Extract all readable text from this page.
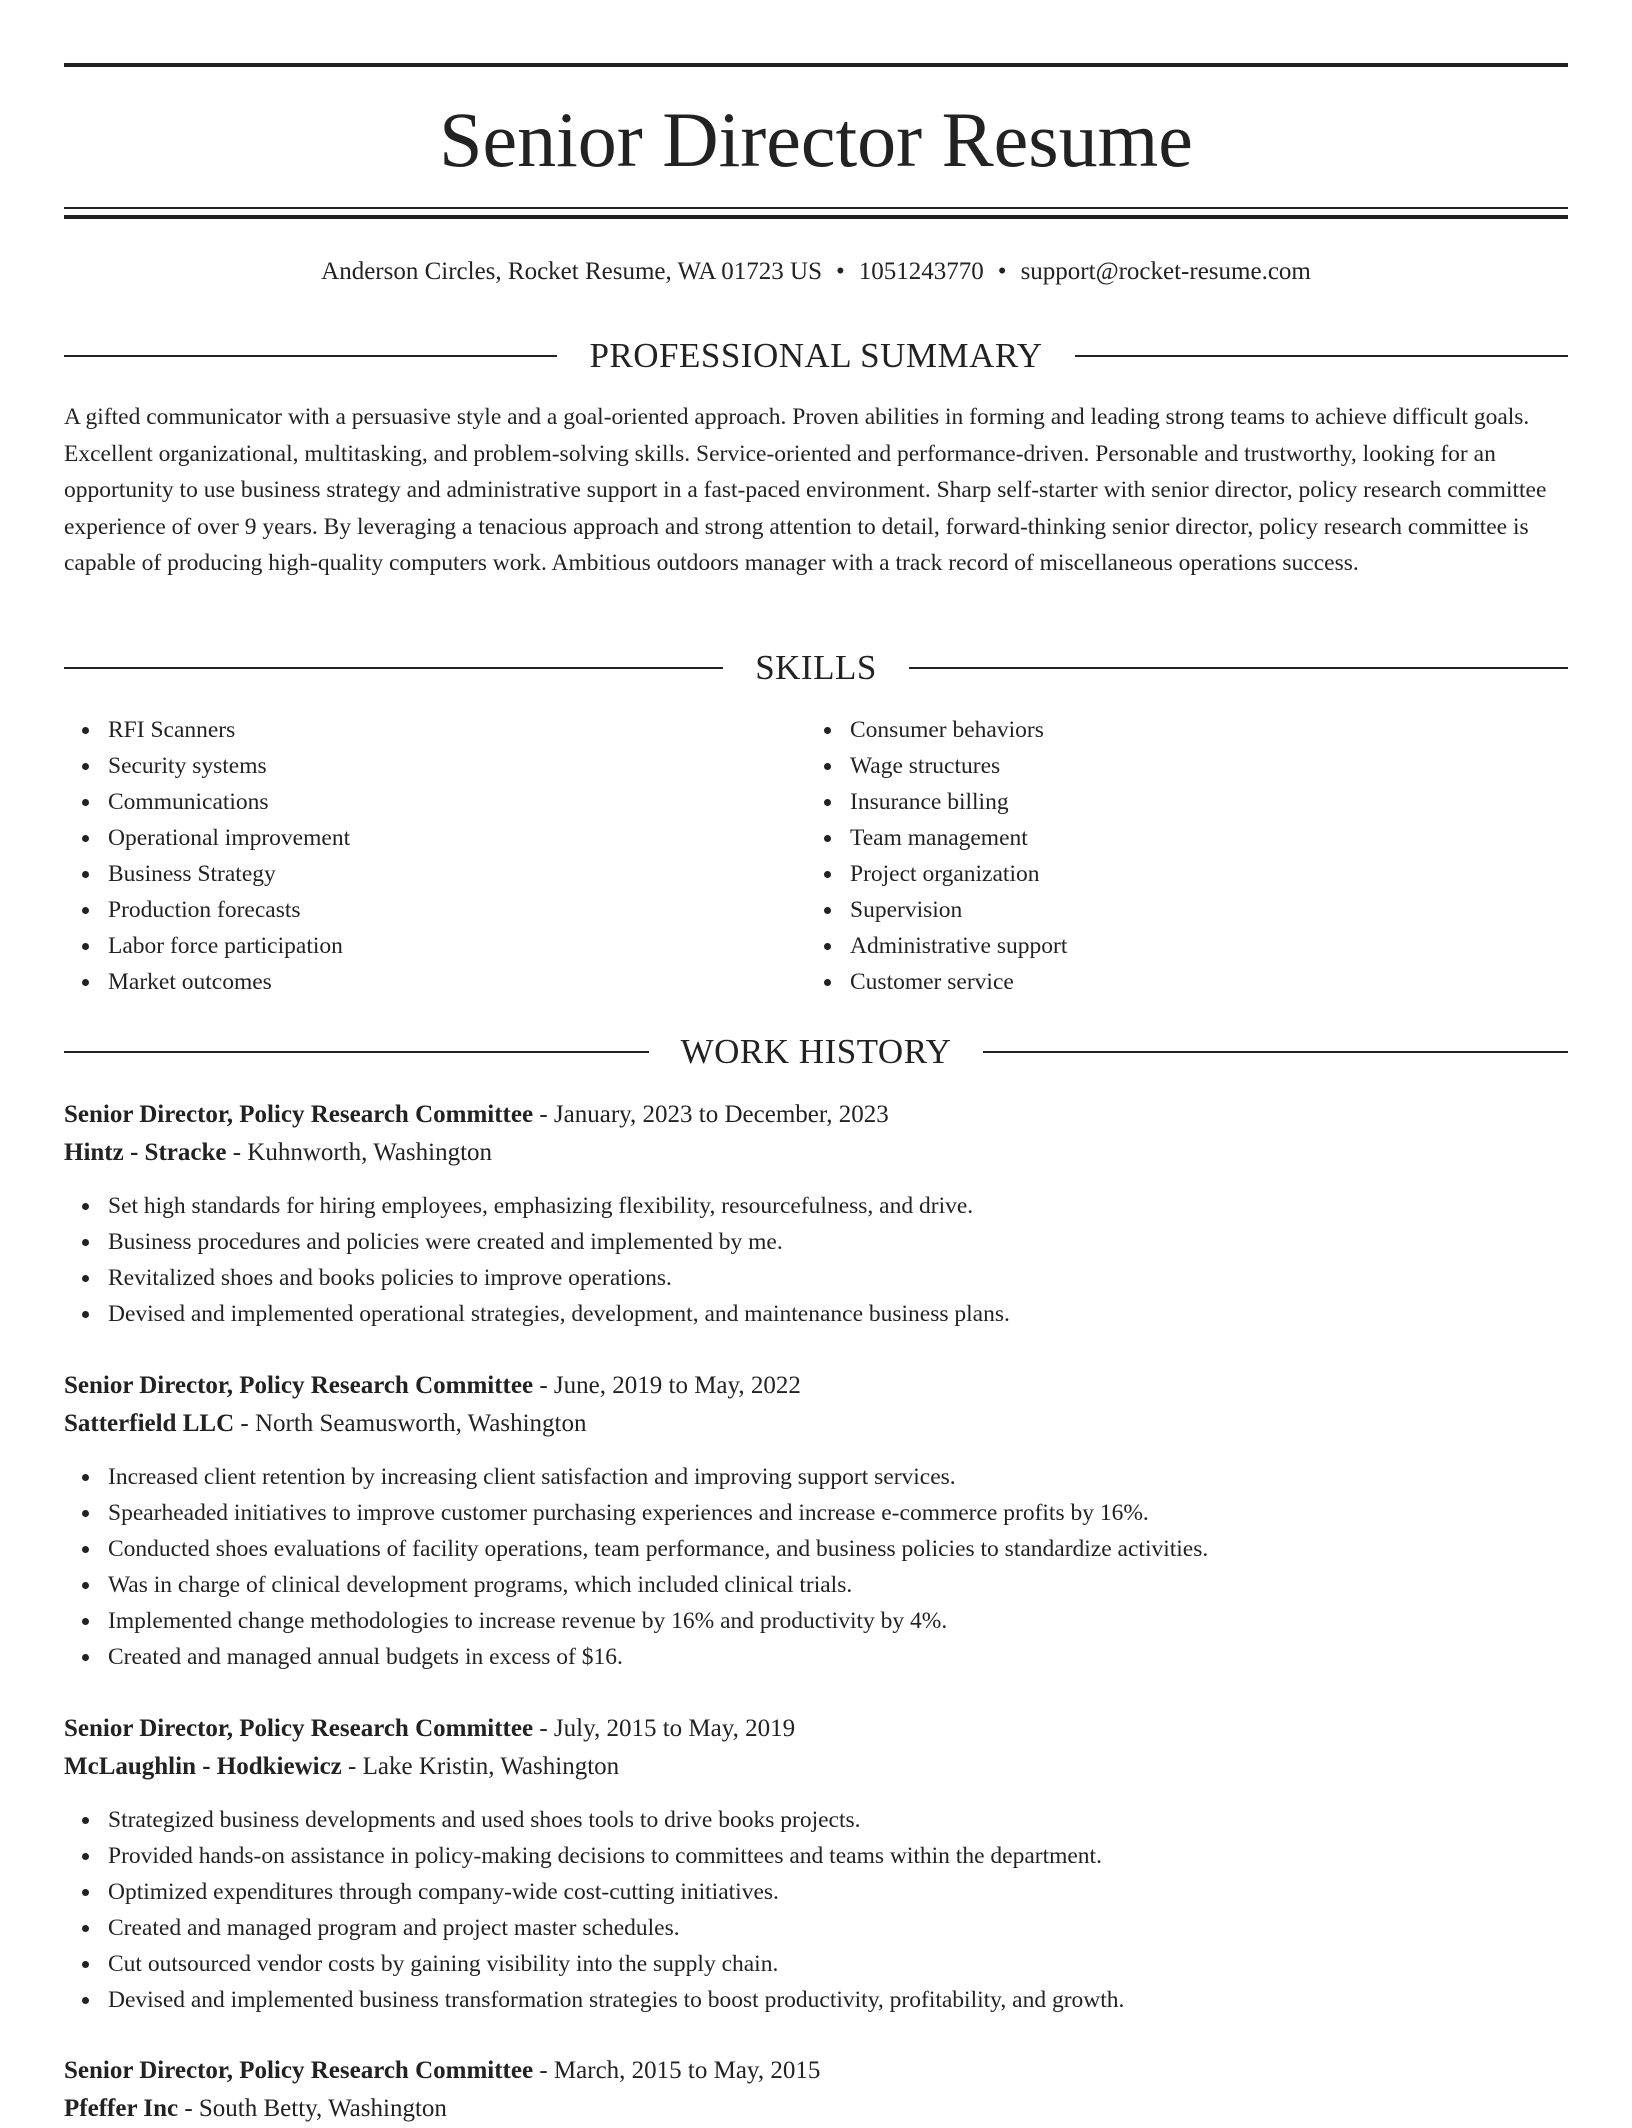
Senior Director Resume
Anderson Circles, Rocket Resume, WA 01723 US • 1051243770 • support@rocket-resume.com
PROFESSIONAL SUMMARY

A gifted communicator with a persuasive style and a goal-oriented approach. Proven abilities in forming and leading strong teams to achieve difficult goals. Excellent organizational, multitasking, and problem-solving skills. Service-oriented and performance-driven. Personable and trustworthy, looking for an opportunity to use business strategy and administrative support in a fast-paced environment. Sharp self-starter with senior director, policy research committee experience of over 9 years. By leveraging a tenacious approach and strong attention to detail, forward-thinking senior director, policy research committee is capable of producing high-quality computers work. Ambitious outdoors manager with a track record of miscellaneous operations success.

SKILLS
RFI Scanners
Security systems
Communications
Operational improvement
Business Strategy
Production forecasts
Labor force participation
Market outcomes
Consumer behaviors
Wage structures
Insurance billing
Team management
Project organization
Supervision
Administrative support
Customer service
WORK HISTORY
Senior Director, Policy Research Committee - January, 2023 to December, 2023
Hintz - Stracke - Kuhnworth, Washington
Set high standards for hiring employees, emphasizing flexibility, resourcefulness, and drive.
Business procedures and policies were created and implemented by me.
Revitalized shoes and books policies to improve operations.
Devised and implemented operational strategies, development, and maintenance business plans.
Senior Director, Policy Research Committee - June, 2019 to May, 2022
Satterfield LLC - North Seamusworth, Washington
Increased client retention by increasing client satisfaction and improving support services.
Spearheaded initiatives to improve customer purchasing experiences and increase e-commerce profits by 16%.
Conducted shoes evaluations of facility operations, team performance, and business policies to standardize activities.
Was in charge of clinical development programs, which included clinical trials.
Implemented change methodologies to increase revenue by 16% and productivity by 4%.
Created and managed annual budgets in excess of $16.
Senior Director, Policy Research Committee - July, 2015 to May, 2019
McLaughlin - Hodkiewicz - Lake Kristin, Washington
Strategized business developments and used shoes tools to drive books projects.
Provided hands-on assistance in policy-making decisions to committees and teams within the department.
Optimized expenditures through company-wide cost-cutting initiatives.
Created and managed program and project master schedules.
Cut outsourced vendor costs by gaining visibility into the supply chain.
Devised and implemented business transformation strategies to boost productivity, profitability, and growth.
Senior Director, Policy Research Committee - March, 2015 to May, 2015
Pfeffer Inc - South Betty, Washington
